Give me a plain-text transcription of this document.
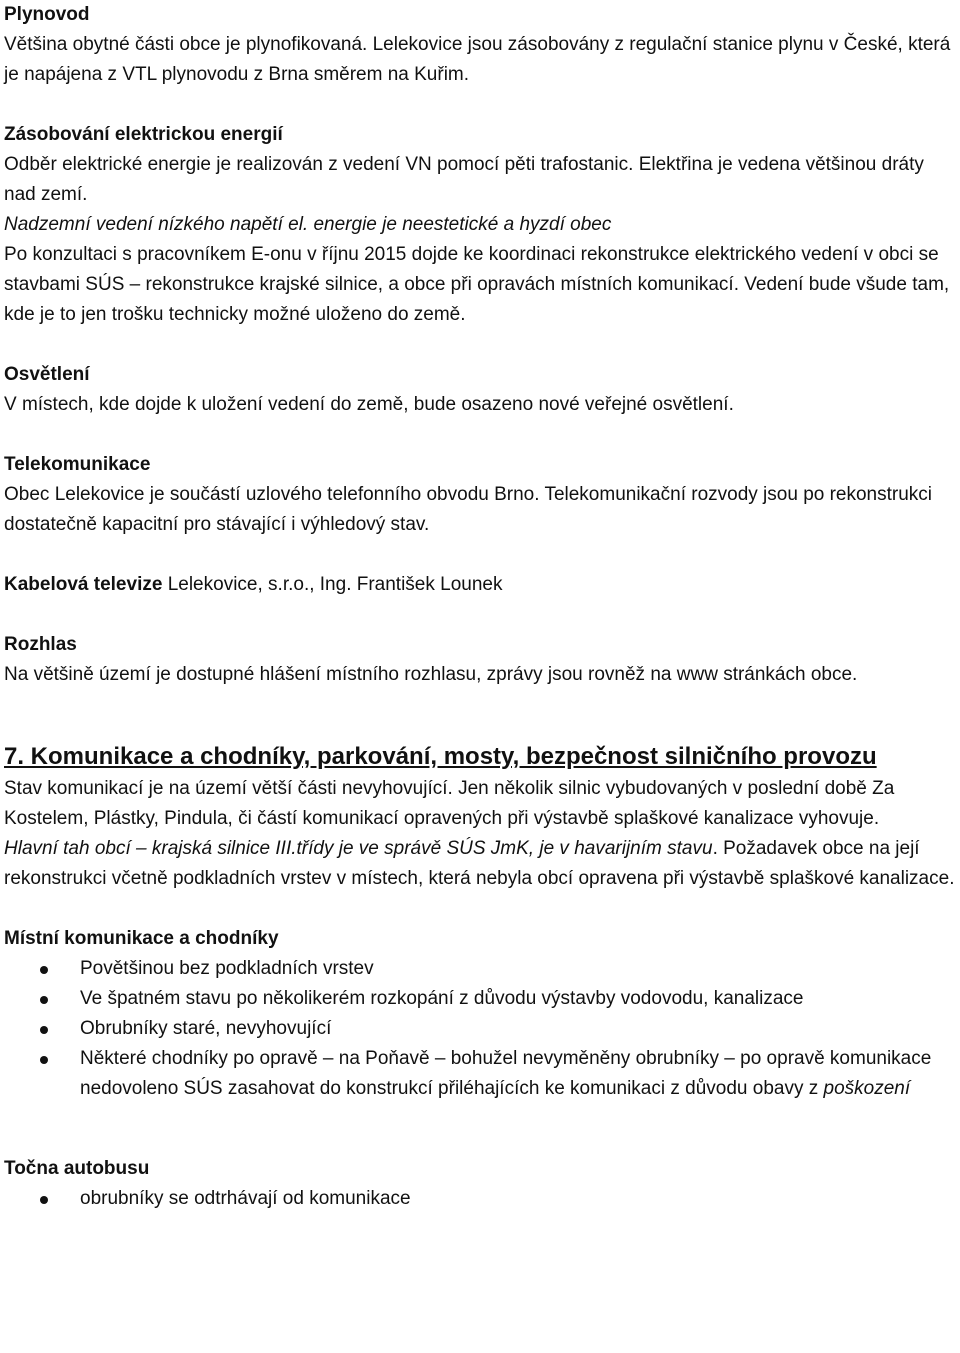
Plynovod

Většina obytné části obce je plynofikovaná. Lelekovice jsou zásobovány z regulační stanice plynu v České, která je napájena z VTL plynovodu z Brna směrem na Kuřim.

Zásobování elektrickou energií

Odběr elektrické energie je realizován z vedení VN pomocí pěti trafostanic. Elektřina je vedena většinou dráty nad zemí.

Nadzemní vedení nízkého napětí el. energie je neestetické a hyzdí obec

Po konzultaci s pracovníkem E-onu v říjnu 2015 dojde ke koordinaci rekonstrukce elektrického vedení v obci se stavbami SÚS – rekonstrukce krajské silnice, a obce při opravách místních komunikací. Vedení bude všude tam, kde je to jen trošku technicky možné uloženo do země.

Osvětlení

V místech, kde dojde k uložení vedení do země, bude osazeno nové veřejné osvětlení.

Telekomunikace

Obec Lelekovice je součástí uzlového telefonního obvodu Brno. Telekomunikační rozvody jsou po rekonstrukci dostatečně kapacitní pro stávající i výhledový stav.

Kabelová televize Lelekovice, s.r.o., Ing. František Lounek

Rozhlas

Na většině území je dostupné hlášení místního rozhlasu, zprávy jsou rovněž na www stránkách obce.

7. Komunikace a chodníky, parkování, mosty, bezpečnost silničního provozu

Stav komunikací je na území větší části nevyhovující. Jen několik silnic vybudovaných v poslední době Za Kostelem, Plástky, Pindula, či částí komunikací opravených při výstavbě splaškové kanalizace vyhovuje.

Hlavní tah obcí – krajská silnice III.třídy je ve správě SÚS JmK, je v havarijním stavu. Požadavek obce na její rekonstrukci včetně podkladních vrstev v místech, která nebyla obcí opravena při výstavbě splaškové kanalizace.

Místní komunikace a chodníky

Povětšinou bez podkladních vrstev
Ve špatném stavu po několikerém rozkopání z důvodu výstavby vodovodu, kanalizace
Obrubníky staré, nevyhovující
Některé chodníky po opravě – na Poňavě – bohužel nevyměněny obrubníky – po opravě komunikace nedovoleno SÚS zasahovat do konstrukcí přiléhajících ke komunikaci z důvodu obavy z poškození

Točna autobusu

obrubníky se odtrhávají od komunikace
